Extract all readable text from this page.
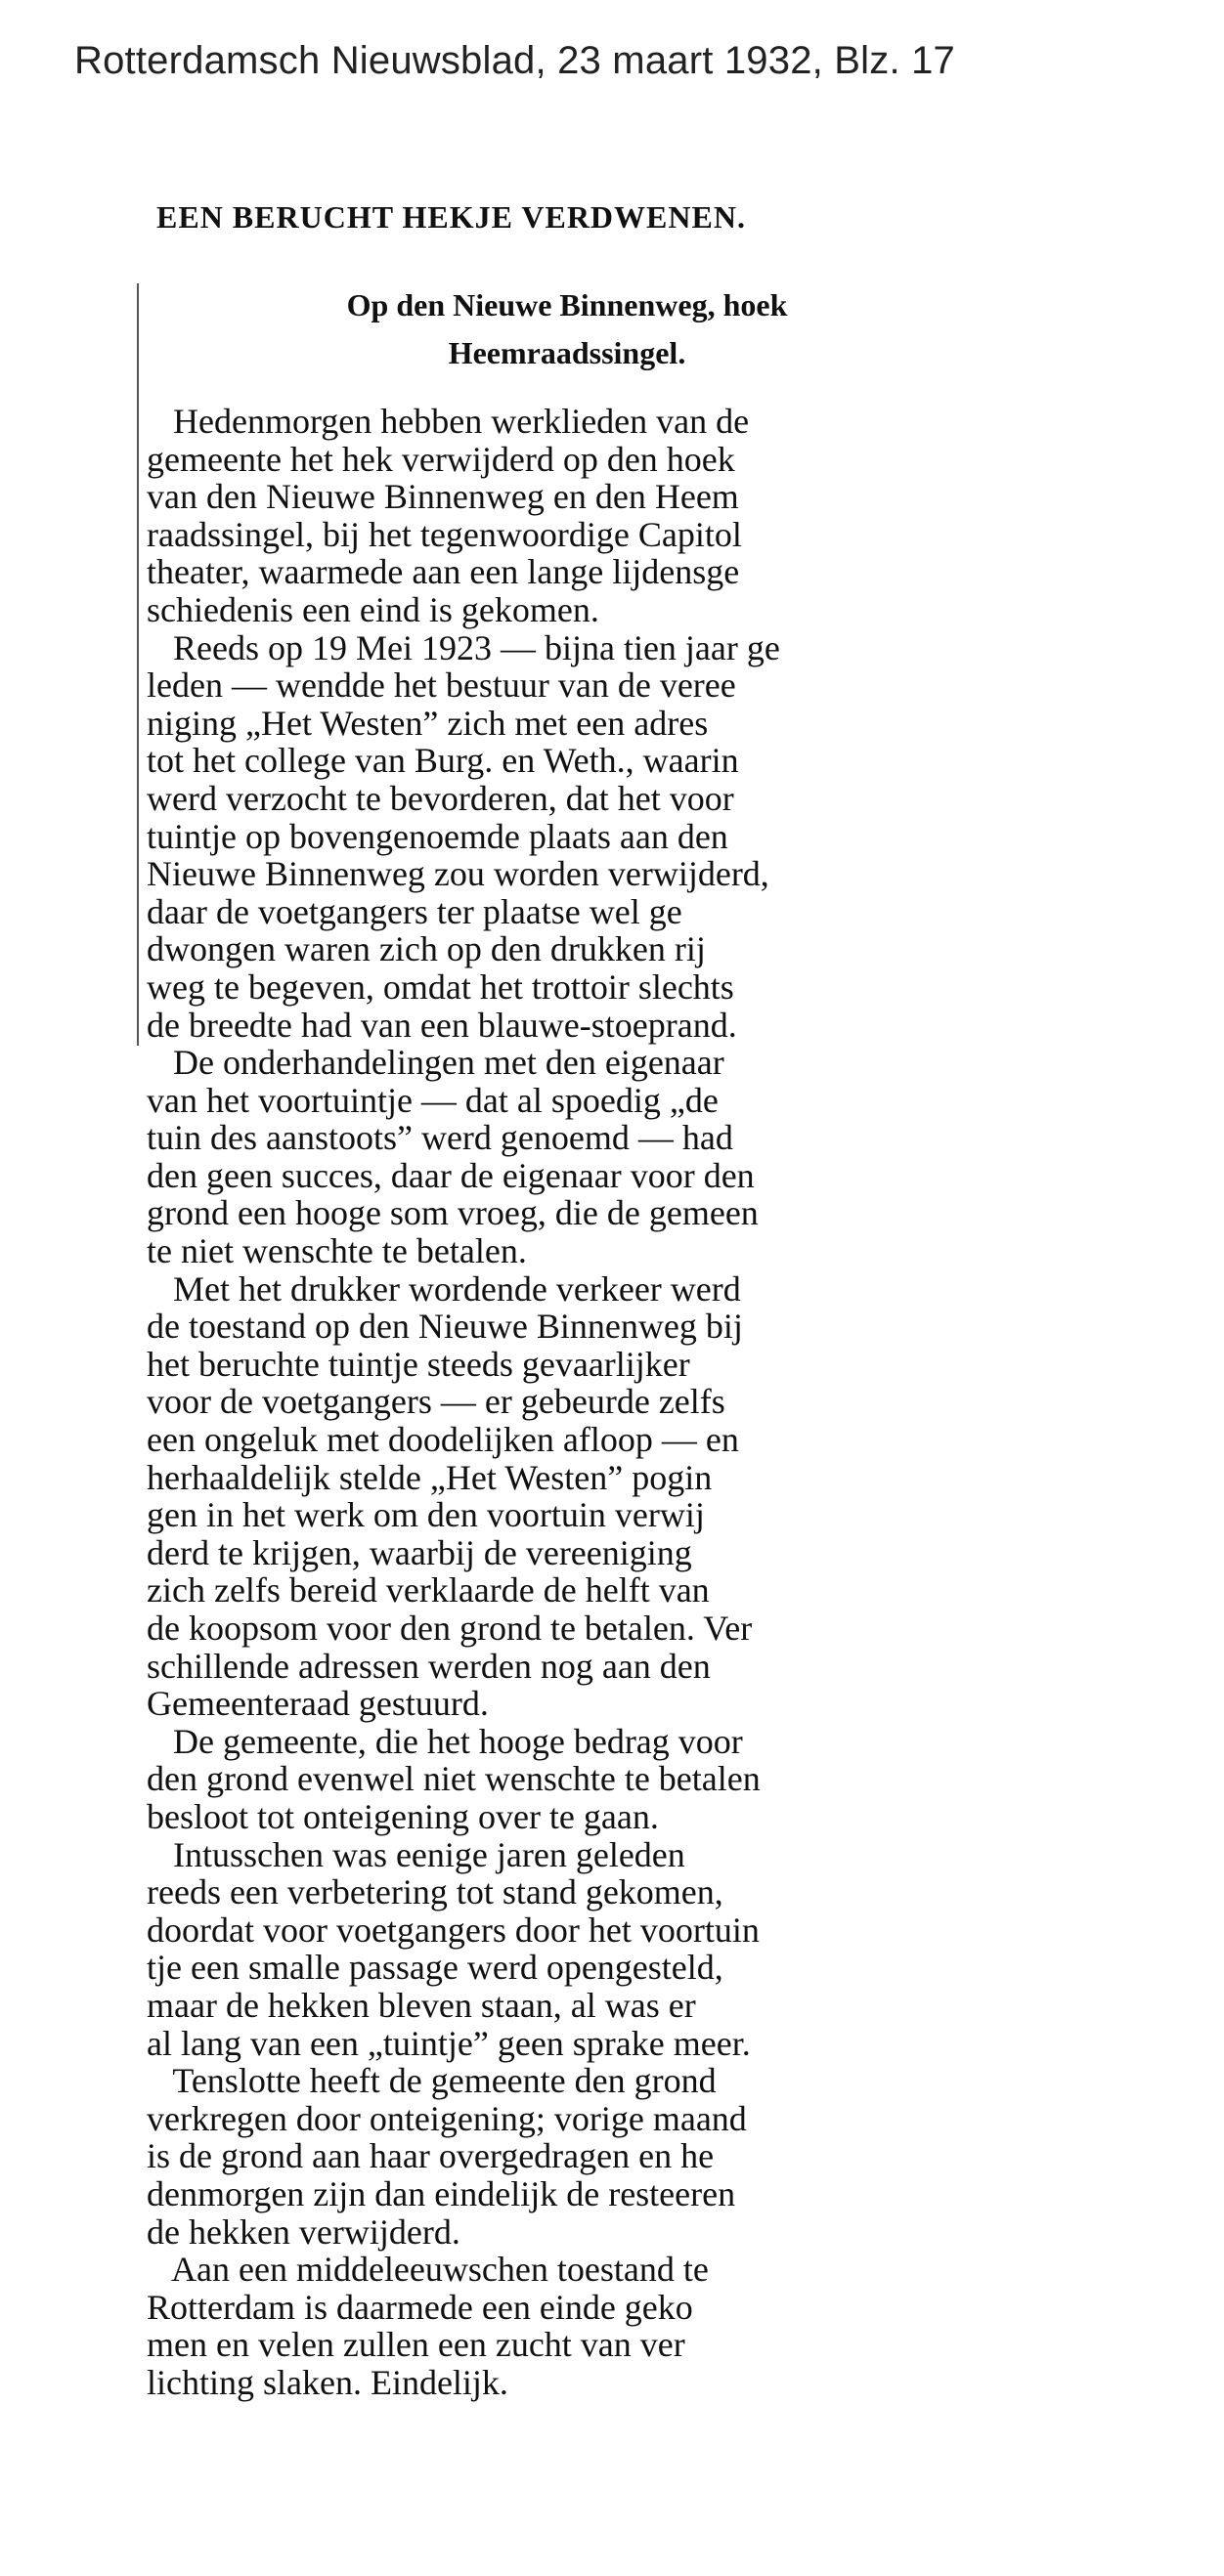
Rotterdamsch Nieuwsblad, 23 maart 1932, Blz. 17
EEN BERUCHT HEKJE VERDWENEN.
Op den Nieuwe Binnenweg, hoek
Heemraadssingel.
Hedenmorgen hebben werklieden van de
gemeente het hek verwijderd op den hoek
van den Nieuwe Binnenweg en den Heem
raadssingel, bij het tegenwoordige Capitol
theater, waarmede aan een lange lijdensge
schiedenis een eind is gekomen.
Reeds op 19 Mei 1923 — bijna tien jaar ge
leden — wendde het bestuur van de veree
niging „Het Westen” zich met een adres
tot het college van Burg. en Weth., waarin
werd verzocht te bevorderen, dat het voor
tuintje op bovengenoemde plaats aan den
Nieuwe Binnenweg zou worden verwijderd,
daar de voetgangers ter plaatse wel ge
dwongen waren zich op den drukken rij
weg te begeven, omdat het trottoir slechts
de breedte had van een blauwe-stoeprand.
De onderhandelingen met den eigenaar
van het voortuintje — dat al spoedig „de
tuin des aanstoots” werd genoemd — had
den geen succes, daar de eigenaar voor den
grond een hooge som vroeg, die de gemeen
te niet wenschte te betalen.
Met het drukker wordende verkeer werd
de toestand op den Nieuwe Binnenweg bij
het beruchte tuintje steeds gevaarlijker
voor de voetgangers — er gebeurde zelfs
een ongeluk met doodelijken afloop — en
herhaaldelijk stelde „Het Westen” pogin
gen in het werk om den voortuin verwij
derd te krijgen, waarbij de vereeniging
zich zelfs bereid verklaarde de helft van
de koopsom voor den grond te betalen. Ver
schillende adressen werden nog aan den
Gemeenteraad gestuurd.
De gemeente, die het hooge bedrag voor
den grond evenwel niet wenschte te betalen
besloot tot onteigening over te gaan.
Intusschen was eenige jaren geleden
reeds een verbetering tot stand gekomen,
doordat voor voetgangers door het voortuin
tje een smalle passage werd opengesteld,
maar de hekken bleven staan, al was er
al lang van een „tuintje” geen sprake meer.
Tenslotte heeft de gemeente den grond
verkregen door onteigening; vorige maand
is de grond aan haar overgedragen en he
denmorgen zijn dan eindelijk de resteeren
de hekken verwijderd.
Aan een middeleeuwschen toestand te
Rotterdam is daarmede een einde geko
men en velen zullen een zucht van ver
lichting slaken. Eindelijk.
